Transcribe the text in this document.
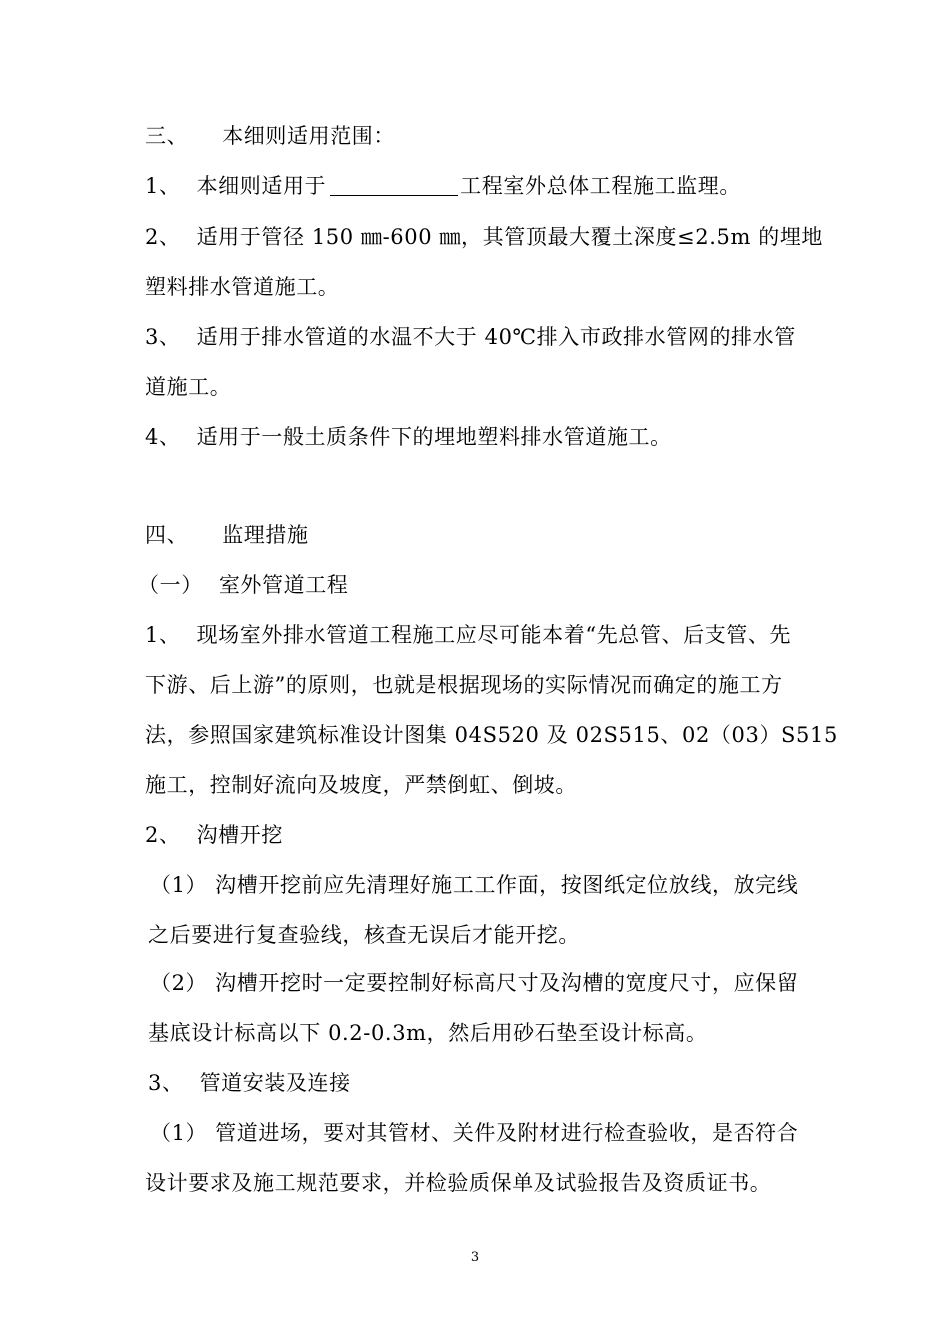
三、 本细则适用范围：
1、 本细则适用于	工程室外总体工程施工监理。
2、 适用于管径 150 ㎜-600 ㎜，其管顶最大覆土深度≤2.5m 的埋地
塑料排水管道施工。
3、 适用于排水管道的水温不大于 40℃排入市政排水管网的排水管
道施工。
4、 适用于一般土质条件下的埋地塑料排水管道施工。
四、 监理措施
（一） 室外管道工程
1、 现场室外排水管道工程施工应尽可能本着“先总管、后支管、先
下游、后上游”的原则，也就是根据现场的实际情况而确定的施工方
法，参照国家建筑标准设计图集 04S520 及 02S515、02（03）S515
施工，控制好流向及坡度，严禁倒虹、倒坡。
2、 沟槽开挖
（1） 沟槽开挖前应先清理好施工工作面，按图纸定位放线，放完线
之后要进行复查验线，核查无误后才能开挖。
（2） 沟槽开挖时一定要控制好标高尺寸及沟槽的宽度尺寸，应保留
基底设计标高以下 0.2-0.3m，然后用砂石垫至设计标高。
3、 管道安装及连接
（1） 管道进场，要对其管材、关件及附材进行检查验收，是否符合
设计要求及施工规范要求，并检验质保单及试验报告及资质证书。
3
